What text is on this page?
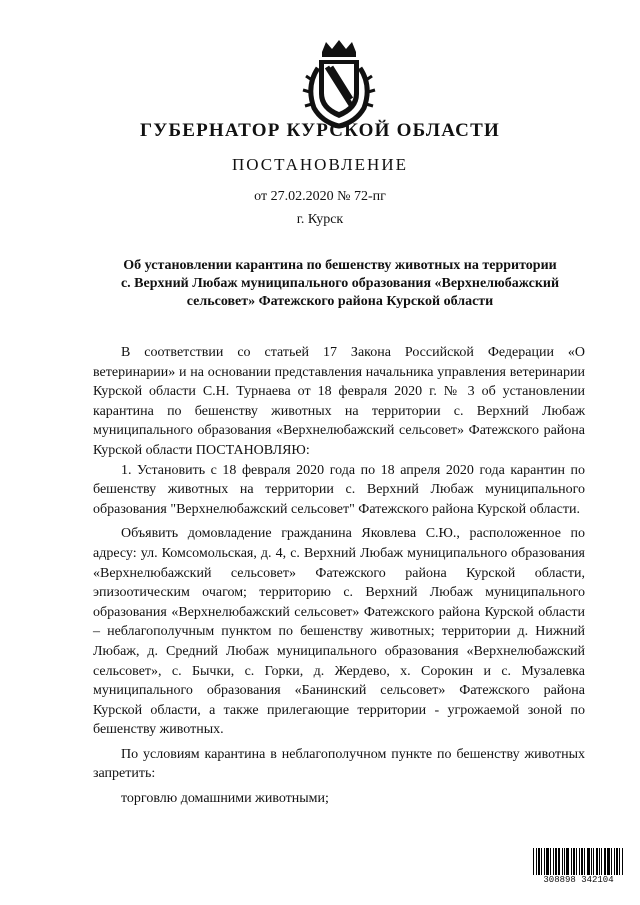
ГУБЕРНАТОР КУРСКОЙ ОБЛАСТИ
ПОСТАНОВЛЕНИЕ
от 27.02.2020 № 72-пг
г. Курск
Об установлении карантина по бешенству животных на территории
с. Верхний Любаж муниципального образования «Верхнелюбажский
сельсовет» Фатежского района Курской области

В соответствии со статьей 17 Закона Российской Федерации «О ветеринарии» и на основании представления начальника управления ветеринарии Курской области С.Н. Турнаева от 18 февраля 2020 г. № 3 об установлении карантина по бешенству животных на территории с. Верхний Любаж муниципального образования «Верхнелюбажский сельсовет» Фатежского района Курской области ПОСТАНОВЛЯЮ:

1. Установить с 18 февраля 2020 года по 18 апреля 2020 года карантин по бешенству животных на территории с. Верхний Любаж муниципального образования "Верхнелюбажский сельсовет" Фатежского района Курской области.

Объявить домовладение гражданина Яковлева С.Ю., расположенное по адресу: ул. Комсомольская, д. 4, с. Верхний Любаж муниципального образования «Верхнелюбажский сельсовет» Фатежского района Курской области, эпизоотическим очагом; территорию с. Верхний Любаж муниципального образования «Верхнелюбажский сельсовет» Фатежского района Курской области – неблагополучным пунктом по бешенству животных; территории д. Нижний Любаж, д. Средний Любаж муниципального образования «Верхнелюбажский сельсовет», с. Бычки, с. Горки, д. Жердево, х. Сорокин и с. Музалевка муниципального образования «Банинский сельсовет» Фатежского района Курской области, а также прилегающие территории - угрожаемой зоной по бешенству животных.

По условиям карантина в неблагополучном пункте по бешенству животных запретить:

торговлю домашними животными;

308898 342104
